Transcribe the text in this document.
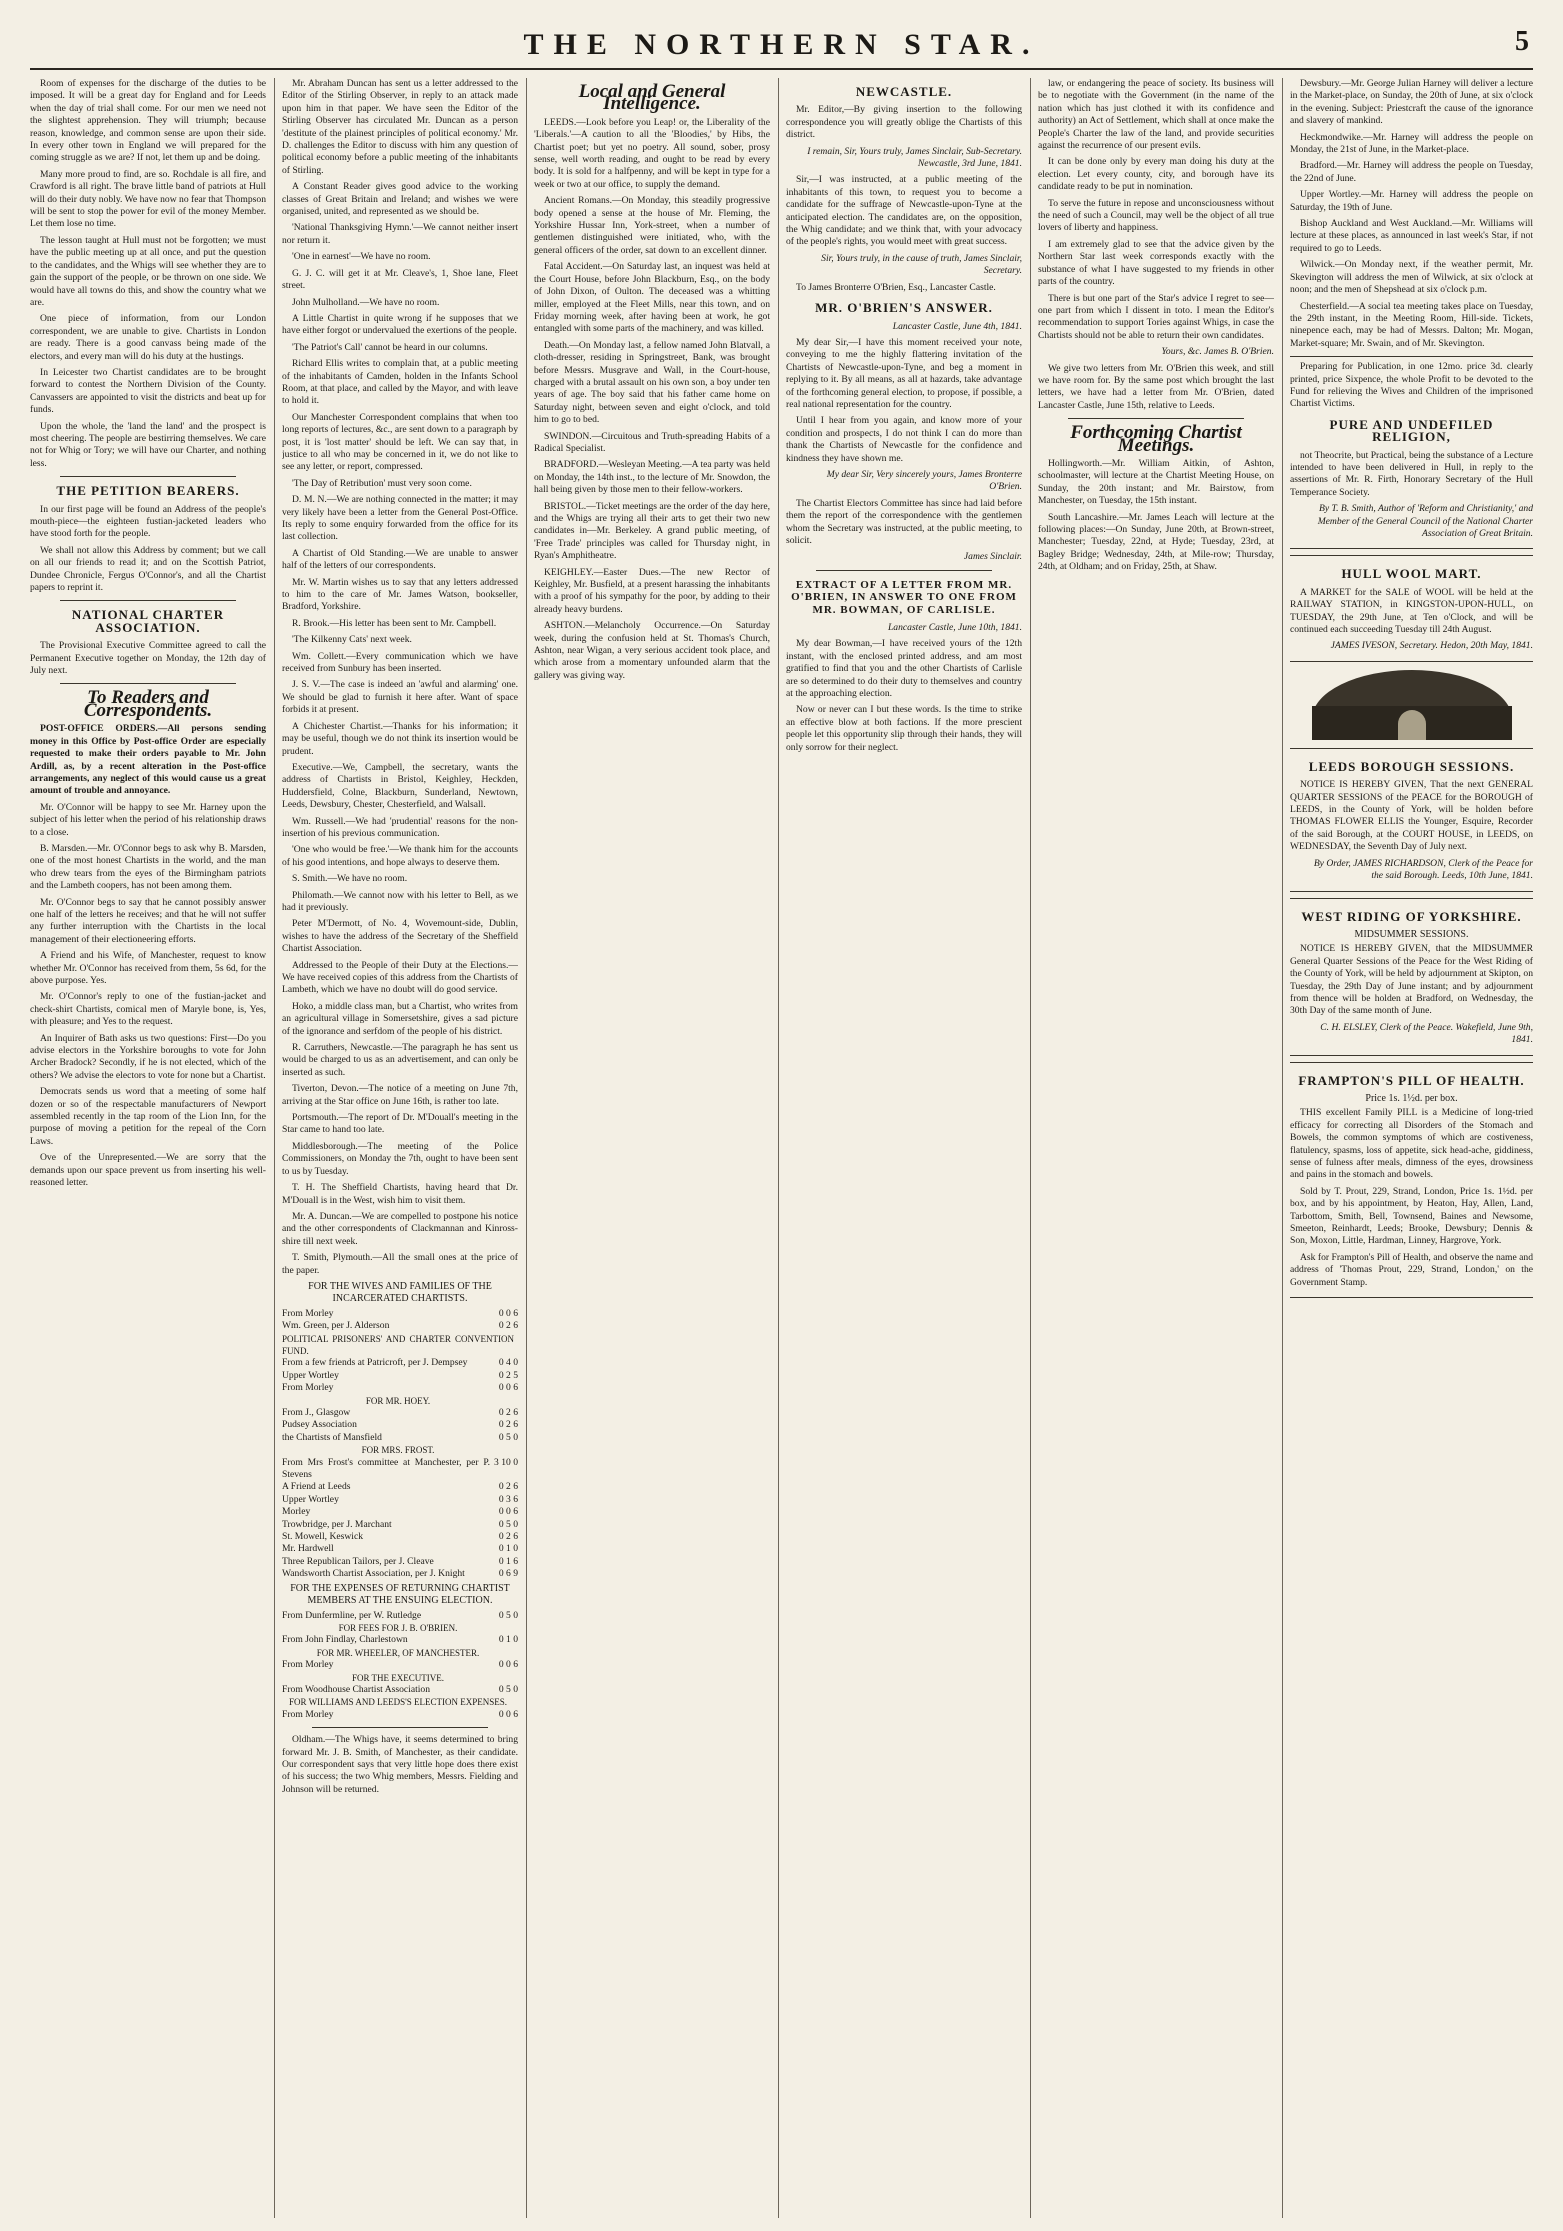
THE NORTHERN STAR.	5

Room of expenses for the discharge of the duties to be imposed. It will be a great day for England and for Leeds when the day of trial shall come. For our men we need not the slightest apprehension. They will triumph; because reason, knowledge, and common sense are upon their side. In every other town in England we will prepared for the coming struggle as we are? If not, let them up and be doing.

Many more proud to find, are so. Rochdale is all fire, and Crawford is all right. The brave little band of patriots at Hull will do their duty nobly. We have now no fear that Thompson will be sent to stop the power for evil of the money Member. Let them lose no time.

The lesson taught at Hull must not be forgotten; we must have the public meeting up at all once, and put the question to the candidates, and the Whigs will see whether they are to gain the support of the people, or be thrown on one side. We would have all towns do this, and show the country what we are.

One piece of information, from our London correspondent, we are unable to give. Chartists in London are ready. There is a good canvass being made of the electors, and every man will do his duty at the hustings.

In Leicester two Chartist candidates are to be brought forward to contest the Northern Division of the County. Canvassers are appointed to visit the districts and beat up for funds.

Upon the whole, the 'land the land' and the prospect is most cheering. The people are bestirring themselves. We care not for Whig or Tory; we will have our Charter, and nothing less.

THE PETITION BEARERS.

In our first page will be found an Address of the people's mouth-piece—the eighteen fustian-jacketed leaders who have stood forth for the people.

We shall not allow this Address by comment; but we call on all our friends to read it; and on the Scottish Patriot, Dundee Chronicle, Fergus O'Connor's, and all the Chartist papers to reprint it.

NATIONAL CHARTER ASSOCIATION.

The Provisional Executive Committee agreed to call the Permanent Executive together on Monday, the 12th day of July next.

To Readers and Correspondents.

POST-OFFICE ORDERS.—All persons sending money in this Office by Post-office Order are especially requested to make their orders payable to Mr. John Ardill, as, by a recent alteration in the Post-office arrangements, any neglect of this would cause us a great amount of trouble and annoyance.

Mr. O'Connor will be happy to see Mr. Harney upon the subject of his letter when the period of his relationship draws to a close.

B. Marsden.—Mr. O'Connor begs to ask why B. Marsden, one of the most honest Chartists in the world, and the man who drew tears from the eyes of the Birmingham patriots and the Lambeth coopers, has not been among them.

Mr. O'Connor begs to say that he cannot possibly answer one half of the letters he receives; and that he will not suffer any further interruption with the Chartists in the local management of their electioneering efforts.

A Friend and his Wife, of Manchester, request to know whether Mr. O'Connor has received from them, 5s 6d, for the above purpose. Yes.

Mr. O'Connor's reply to one of the fustian-jacket and check-shirt Chartists, comical men of Maryle bone, is, Yes, with pleasure; and Yes to the request.

An Inquirer of Bath asks us two questions: First—Do you advise electors in the Yorkshire boroughs to vote for John Archer Bradock? Secondly, if he is not elected, which of the others? We advise the electors to vote for none but a Chartist.

Democrats sends us word that a meeting of some half dozen or so of the respectable manufacturers of Newport assembled recently in the tap room of the Lion Inn, for the purpose of moving a petition for the repeal of the Corn Laws.

Ove of the Unrepresented.—We are sorry that the demands upon our space prevent us from inserting his well-reasoned letter.

Mr. Abraham Duncan has sent us a letter addressed to the Editor of the Stirling Observer, in reply to an attack made upon him in that paper. We have seen the Editor of the Stirling Observer has circulated Mr. Duncan as a person 'destitute of the plainest principles of political economy.' Mr. D. challenges the Editor to discuss with him any question of political economy before a public meeting of the inhabitants of Stirling.

A Constant Reader gives good advice to the working classes of Great Britain and Ireland; and wishes we were organised, united, and represented as we should be.

'National Thanksgiving Hymn.'—We cannot neither insert nor return it.

'One in earnest'—We have no room.

G. J. C. will get it at Mr. Cleave's, 1, Shoe lane, Fleet street.

John Mulholland.—We have no room.

A Little Chartist in quite wrong if he supposes that we have either forgot or undervalued the exertions of the people.

'The Patriot's Call' cannot be heard in our columns.

Richard Ellis writes to complain that, at a public meeting of the inhabitants of Camden, holden in the Infants School Room, at that place, and called by the Mayor, and with leave to hold it.

Our Manchester Correspondent complains that when too long reports of lectures, &c., are sent down to a paragraph by post, it is 'lost matter' should be left. We can say that, in justice to all who may be concerned in it, we do not like to see any letter, or report, compressed.

'The Day of Retribution' must very soon come.

D. M. N.—We are nothing connected in the matter; it may very likely have been a letter from the General Post-Office. Its reply to some enquiry forwarded from the office for its last collection.

A Chartist of Old Standing.—We are unable to answer half of the letters of our correspondents.

Mr. W. Martin wishes us to say that any letters addressed to him to the care of Mr. James Watson, bookseller, Bradford, Yorkshire.

R. Brook.—His letter has been sent to Mr. Campbell.

'The Kilkenny Cats' next week.

Wm. Collett.—Every communication which we have received from Sunbury has been inserted.

J. S. V.—The case is indeed an 'awful and alarming' one. We should be glad to furnish it here after. Want of space forbids it at present.

A Chichester Chartist.—Thanks for his information; it may be useful, though we do not think its insertion would be prudent.

Executive.—We, Campbell, the secretary, wants the address of Chartists in Bristol, Keighley, Heckden, Huddersfield, Colne, Blackburn, Sunderland, Newtown, Leeds, Dewsbury, Chester, Chesterfield, and Walsall.

Wm. Russell.—We had 'prudential' reasons for the non-insertion of his previous communication.

'One who would be free.'—We thank him for the accounts of his good intentions, and hope always to deserve them.

S. Smith.—We have no room.

Philomath.—We cannot now with his letter to Bell, as we had it previously.

Peter M'Dermott, of No. 4, Wovemount-side, Dublin, wishes to have the address of the Secretary of the Sheffield Chartist Association.

Addressed to the People of their Duty at the Elections.—We have received copies of this address from the Chartists of Lambeth, which we have no doubt will do good service.

Hoko, a middle class man, but a Chartist, who writes from an agricultural village in Somersetshire, gives a sad picture of the ignorance and serfdom of the people of his district.

R. Carruthers, Newcastle.—The paragraph he has sent us would be charged to us as an advertisement, and can only be inserted as such.

Tiverton, Devon.—The notice of a meeting on June 7th, arriving at the Star office on June 16th, is rather too late.

Portsmouth.—The report of Dr. M'Douall's meeting in the Star came to hand too late.

Middlesborough.—The meeting of the Police Commissioners, on Monday the 7th, ought to have been sent to us by Tuesday.

T. H. The Sheffield Chartists, having heard that Dr. M'Douall is in the West, wish him to visit them.

Mr. A. Duncan.—We are compelled to postpone his notice and the other correspondents of Clackmannan and Kinross-shire till next week.

T. Smith, Plymouth.—All the small ones at the price of the paper.

FOR THE WIVES AND FAMILIES OF THE INCARCERATED CHARTISTS.
From Morley	0 0 6
Wm. Green, per J. Alderson	0 2 6
POLITICAL PRISONERS' AND CHARTER CONVENTION FUND.
From a few friends at Patricroft, per J. Dempsey	0 4 0
Upper Wortley	0 2 5
From Morley	0 0 6
FOR MR. HOEY.
From J., Glasgow	0 2 6
Pudsey Association	0 2 6
the Chartists of Mansfield	0 5 0
FOR MRS. FROST.
From Mrs Frost's committee at Manchester, per P. Stevens
3 10 0
A Friend at Leeds	0 2 6
Upper Wortley	0 3 6
Morley	0 0 6
Trowbridge, per J. Marchant	0 5 0
St. Mowell, Keswick	0 2 6
Mr. Hardwell	0 1 0
Three Republican Tailors, per J. Cleave	0 1 6
Wandsworth Chartist Association, per J. Knight	0 6 9
FOR THE EXPENSES OF RETURNING CHARTIST MEMBERS AT THE ENSUING ELECTION.
From Dunfermline, per W. Rutledge	0 5 0
FOR FEES FOR J. B. O'BRIEN.
From John Findlay, Charlestown	0 1 0
FOR MR. WHEELER, OF MANCHESTER.
From Morley	0 0 6
FOR THE EXECUTIVE.
From Woodhouse Chartist Association	0 5 0
FOR WILLIAMS AND LEEDS'S ELECTION EXPENSES.
From Morley	0 0 6

Oldham.—The Whigs have, it seems determined to bring forward Mr. J. B. Smith, of Manchester, as their candidate. Our correspondent says that very little hope does there exist of his success; the two Whig members, Messrs. Fielding and Johnson will be returned.

Local and General Intelligence.

LEEDS.—Look before you Leap! or, the Liberality of the 'Liberals.'—A caution to all the 'Bloodies,' by Hibs, the Chartist poet; but yet no poetry. All sound, sober, prosy sense, well worth reading, and ought to be read by every body. It is sold for a halfpenny, and will be kept in type for a week or two at our office, to supply the demand.

Ancient Romans.—On Monday, this steadily progressive body opened a sense at the house of Mr. Fleming, the Yorkshire Hussar Inn, York-street, when a number of gentlemen distinguished were initiated, who, with the general officers of the order, sat down to an excellent dinner.

Fatal Accident.—On Saturday last, an inquest was held at the Court House, before John Blackburn, Esq., on the body of John Dixon, of Oulton. The deceased was a whitting miller, employed at the Fleet Mills, near this town, and on Friday morning week, after having been at work, he got entangled with some parts of the machinery, and was killed.

Death.—On Monday last, a fellow named John Blatvall, a cloth-dresser, residing in Springstreet, Bank, was brought before Messrs. Musgrave and Wall, in the Court-house, charged with a brutal assault on his own son, a boy under ten years of age. The boy said that his father came home on Saturday night, between seven and eight o'clock, and told him to go to bed.

SWINDON.—Circuitous and Truth-spreading Habits of a Radical Specialist.

BRADFORD.—Wesleyan Meeting.—A tea party was held on Monday, the 14th inst., to the lecture of Mr. Snowdon, the hall being given by those men to their fellow-workers.

BRISTOL.—Ticket meetings are the order of the day here, and the Whigs are trying all their arts to get their two new candidates in—Mr. Berkeley. A grand public meeting, of 'Free Trade' principles was called for Thursday night, in Ryan's Amphitheatre.

KEIGHLEY.—Easter Dues.—The new Rector of Keighley, Mr. Busfield, at a present harassing the inhabitants with a proof of his sympathy for the poor, by adding to their already heavy burdens.

ASHTON.—Melancholy Occurrence.—On Saturday week, during the confusion held at St. Thomas's Church, Ashton, near Wigan, a very serious accident took place, and which arose from a momentary unfounded alarm that the gallery was giving way.

NEWCASTLE.

Mr. Editor,—By giving insertion to the following correspondence you will greatly oblige the Chartists of this district.

I remain, Sir, Yours truly, James Sinclair, Sub-Secretary. Newcastle, 3rd June, 1841.

Sir,—I was instructed, at a public meeting of the inhabitants of this town, to request you to become a candidate for the suffrage of Newcastle-upon-Tyne at the anticipated election. The candidates are, on the opposition, the Whig candidate; and we think that, with your advocacy of the people's rights, you would meet with great success.

Sir, Yours truly, in the cause of truth, James Sinclair, Secretary.

To James Bronterre O'Brien, Esq., Lancaster Castle.

MR. O'BRIEN'S ANSWER.

Lancaster Castle, June 4th, 1841.

My dear Sir,—I have this moment received your note, conveying to me the highly flattering invitation of the Chartists of Newcastle-upon-Tyne, and beg a moment in replying to it. By all means, as all at hazards, take advantage of the forthcoming general election, to propose, if possible, a real national representation for the country.

Until I hear from you again, and know more of your condition and prospects, I do not think I can do more than thank the Chartists of Newcastle for the confidence and kindness they have shown me.

My dear Sir, Very sincerely yours, James Bronterre O'Brien.

The Chartist Electors Committee has since had laid before them the report of the correspondence with the gentlemen whom the Secretary was instructed, at the public meeting, to solicit.

James Sinclair.

EXTRACT OF A LETTER FROM MR. O'BRIEN, IN ANSWER TO ONE FROM MR. BOWMAN, OF CARLISLE.

Lancaster Castle, June 10th, 1841.

My dear Bowman,—I have received yours of the 12th instant, with the enclosed printed address, and am most gratified to find that you and the other Chartists of Carlisle are so determined to do their duty to themselves and country at the approaching election.

Now or never can I but these words. Is the time to strike an effective blow at both factions. If the more prescient people let this opportunity slip through their hands, they will only sorrow for their neglect.

law, or endangering the peace of society. Its business will be to negotiate with the Government (in the name of the nation which has just clothed it with its confidence and authority) an Act of Settlement, which shall at once make the People's Charter the law of the land, and provide securities against the recurrence of our present evils.

It can be done only by every man doing his duty at the election. Let every county, city, and borough have its candidate ready to be put in nomination.

To serve the future in repose and unconsciousness without the need of such a Council, may well be the object of all true lovers of liberty and happiness.

I am extremely glad to see that the advice given by the Northern Star last week corresponds exactly with the substance of what I have suggested to my friends in other parts of the country.

There is but one part of the Star's advice I regret to see—one part from which I dissent in toto. I mean the Editor's recommendation to support Tories against Whigs, in case the Chartists should not be able to return their own candidates.

Yours, &c. James B. O'Brien.

We give two letters from Mr. O'Brien this week, and still we have room for. By the same post which brought the last letters, we have had a letter from Mr. O'Brien, dated Lancaster Castle, June 15th, relative to Leeds.

Forthcoming Chartist Meetings.

Hollingworth.—Mr. William Aitkin, of Ashton, schoolmaster, will lecture at the Chartist Meeting House, on Sunday, the 20th instant; and Mr. Bairstow, from Manchester, on Tuesday, the 15th instant.

South Lancashire.—Mr. James Leach will lecture at the following places:—On Sunday, June 20th, at Brown-street, Manchester; Tuesday, 22nd, at Hyde; Tuesday, 23rd, at Bagley Bridge; Wednesday, 24th, at Mile-row; Thursday, 24th, at Oldham; and on Friday, 25th, at Shaw.

Dewsbury.—Mr. George Julian Harney will deliver a lecture in the Market-place, on Sunday, the 20th of June, at six o'clock in the evening. Subject: Priestcraft the cause of the ignorance and slavery of mankind.

Heckmondwike.—Mr. Harney will address the people on Monday, the 21st of June, in the Market-place.

Bradford.—Mr. Harney will address the people on Tuesday, the 22nd of June.

Upper Wortley.—Mr. Harney will address the people on Saturday, the 19th of June.

Bishop Auckland and West Auckland.—Mr. Williams will lecture at these places, as announced in last week's Star, if not required to go to Leeds.

Wilwick.—On Monday next, if the weather permit, Mr. Skevington will address the men of Wilwick, at six o'clock at noon; and the men of Shepshead at six o'clock p.m.

Chesterfield.—A social tea meeting takes place on Tuesday, the 29th instant, in the Meeting Room, Hill-side. Tickets, ninepence each, may be had of Messrs. Dalton; Mr. Mogan, Market-square; Mr. Swain, and of Mr. Skevington.

Preparing for Publication, in one 12mo. price 3d. clearly printed, price Sixpence, the whole Profit to be devoted to the Fund for relieving the Wives and Children of the imprisoned Chartist Victims.

PURE AND UNDEFILED RELIGION,

not Theocrite, but Practical, being the substance of a Lecture intended to have been delivered in Hull, in reply to the assertions of Mr. R. Firth, Honorary Secretary of the Hull Temperance Society.

By T. B. Smith, Author of 'Reform and Christianity,' and Member of the General Council of the National Charter Association of Great Britain.

HULL WOOL MART.

A MARKET for the SALE of WOOL will be held at the RAILWAY STATION, in KINGSTON-UPON-HULL, on TUESDAY, the 29th June, at Ten o'Clock, and will be continued each succeeding Tuesday till 24th August.

JAMES IVESON, Secretary. Hedon, 20th May, 1841.

LEEDS BOROUGH SESSIONS.

NOTICE IS HEREBY GIVEN, That the next GENERAL QUARTER SESSIONS of the PEACE for the BOROUGH of LEEDS, in the County of York, will be holden before THOMAS FLOWER ELLIS the Younger, Esquire, Recorder of the said Borough, at the COURT HOUSE, in LEEDS, on WEDNESDAY, the Seventh Day of July next.

By Order, JAMES RICHARDSON, Clerk of the Peace for the said Borough. Leeds, 10th June, 1841.

WEST RIDING OF YORKSHIRE.
MIDSUMMER SESSIONS.

NOTICE IS HEREBY GIVEN, that the MIDSUMMER General Quarter Sessions of the Peace for the West Riding of the County of York, will be held by adjournment at Skipton, on Tuesday, the 29th Day of June instant; and by adjournment from thence will be holden at Bradford, on Wednesday, the 30th Day of the same month of June.

C. H. ELSLEY, Clerk of the Peace. Wakefield, June 9th, 1841.

FRAMPTON'S PILL OF HEALTH.
Price 1s. 1½d. per box.

THIS excellent Family PILL is a Medicine of long-tried efficacy for correcting all Disorders of the Stomach and Bowels, the common symptoms of which are costiveness, flatulency, spasms, loss of appetite, sick head-ache, giddiness, sense of fulness after meals, dimness of the eyes, drowsiness and pains in the stomach and bowels.

Sold by T. Prout, 229, Strand, London, Price 1s. 1½d. per box, and by his appointment, by Heaton, Hay, Allen, Land, Tarbottom, Smith, Bell, Townsend, Baines and Newsome, Smeeton, Reinhardt, Leeds; Brooke, Dewsbury; Dennis & Son, Moxon, Little, Hardman, Linney, Hargrove, York.

Ask for Frampton's Pill of Health, and observe the name and address of 'Thomas Prout, 229, Strand, London,' on the Government Stamp.
